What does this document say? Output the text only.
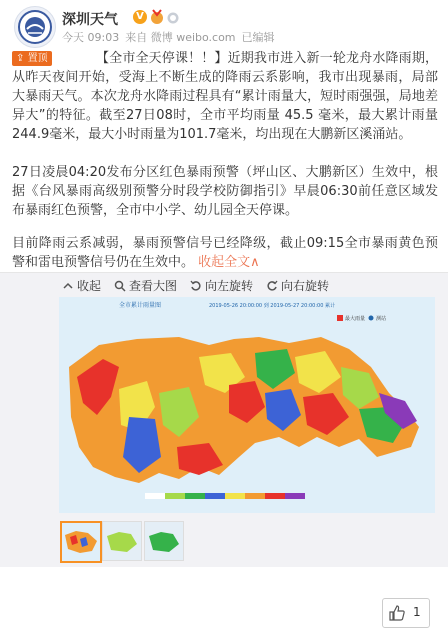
深圳天气	V
今天 09:03 来自 微博 weibo.com 已编辑
⇪ 置顶	【全市全天停课！！】近期我市进入新一轮龙舟水降雨期，从昨天夜间开始，受海上不断生成的降雨云系影响，我市出现暴雨，局部大暴雨天气。本次龙舟水降雨过程具有“累计雨量大，短时雨强强，局地差异大”的特征。截至27日08时，全市平均雨量 45.5 毫米，最大累计雨量244.9毫米，最大小时雨量为101.7毫米，均出现在大鹏新区溪涌站。

27日凌晨04:20发布分区红色暴雨预警（坪山区、大鹏新区）生效中，根据《台风暴雨高级别预警分时段学校防御指引》早晨06:30前任意区域发布暴雨红色预警，全市中小学、幼儿园全天停课。

目前降雨云系减弱，暴雨预警信号已经降级，截止09:15全市暴雨黄色预警和雷电预警信号仍在生效中。 收起全文∧

收起	查看大图	向左旋转	向右旋转
全市累计雨量图	2019-05-26 20:00:00 到 2019-05-27 20:00:00 累计
最大雨量 测站
1
